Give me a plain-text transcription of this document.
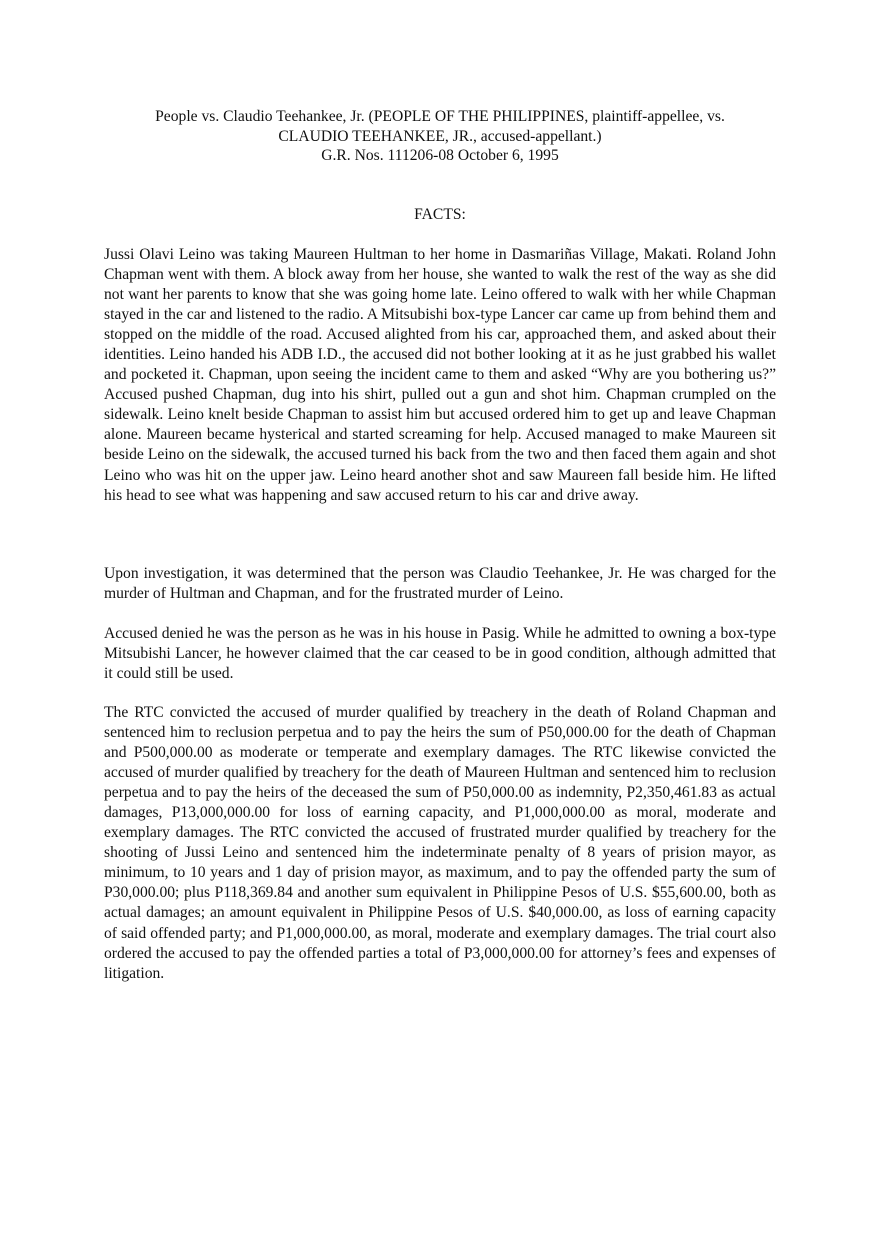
People vs. Claudio Teehankee, Jr. (PEOPLE OF THE PHILIPPINES, plaintiff-appellee, vs.
CLAUDIO TEEHANKEE, JR., accused-appellant.)
G.R. Nos. 111206-08 October 6, 1995
FACTS:

Jussi Olavi Leino was taking Maureen Hultman to her home in Dasmariñas Village, Makati. Roland John Chapman went with them. A block away from her house, she wanted to walk the rest of the way as she did not want her parents to know that she was going home late. Leino offered to walk with her while Chapman stayed in the car and listened to the radio. A Mitsubishi box-type Lancer car came up from behind them and stopped on the middle of the road. Accused alighted from his car, approached them, and asked about their identities. Leino handed his ADB I.D., the accused did not bother looking at it as he just grabbed his wallet and pocketed it. Chapman, upon seeing the incident came to them and asked “Why are you bothering us?” Accused pushed Chapman, dug into his shirt, pulled out a gun and shot him. Chapman crumpled on the sidewalk. Leino knelt beside Chapman to assist him but accused ordered him to get up and leave Chapman alone. Maureen became hysterical and started screaming for help. Accused managed to make Maureen sit beside Leino on the sidewalk, the accused turned his back from the two and then faced them again and shot Leino who was hit on the upper jaw. Leino heard another shot and saw Maureen fall beside him. He lifted his head to see what was happening and saw accused return to his car and drive away.

Upon investigation, it was determined that the person was Claudio Teehankee, Jr. He was charged for the murder of Hultman and Chapman, and for the frustrated murder of Leino.

Accused denied he was the person as he was in his house in Pasig. While he admitted to owning a box-type Mitsubishi Lancer, he however claimed that the car ceased to be in good condition, although admitted that it could still be used.

The RTC convicted the accused of murder qualified by treachery in the death of Roland Chapman and sentenced him to reclusion perpetua and to pay the heirs the sum of P50,000.00 for the death of Chapman and P500,000.00 as moderate or temperate and exemplary damages. The RTC likewise convicted the accused of murder qualified by treachery for the death of Maureen Hultman and sentenced him to reclusion perpetua and to pay the heirs of the deceased the sum of P50,000.00 as indemnity, P2,350,461.83 as actual damages, P13,000,000.00 for loss of earning capacity, and P1,000,000.00 as moral, moderate and exemplary damages. The RTC convicted the accused of frustrated murder qualified by treachery for the shooting of Jussi Leino and sentenced him the indeterminate penalty of 8 years of prision mayor, as minimum, to 10 years and 1 day of prision mayor, as maximum, and to pay the offended party the sum of P30,000.00; plus P118,369.84 and another sum equivalent in Philippine Pesos of U.S. $55,600.00, both as actual damages; an amount equivalent in Philippine Pesos of U.S. $40,000.00, as loss of earning capacity of said offended party; and P1,000,000.00, as moral, moderate and exemplary damages. The trial court also ordered the accused to pay the offended parties a total of P3,000,000.00 for attorney’s fees and expenses of litigation.
